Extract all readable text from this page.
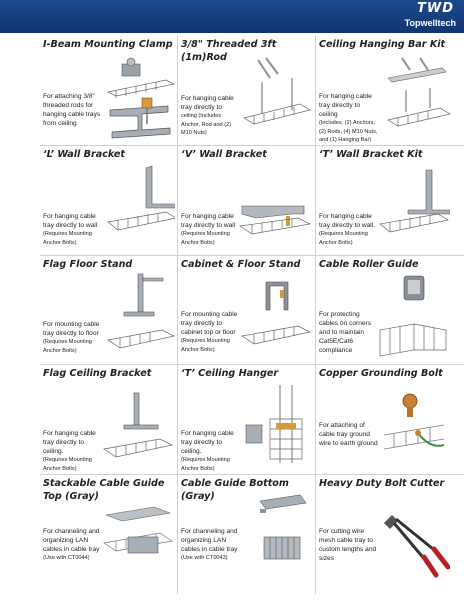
TWD
Topwelltech
I-Beam Mounting Clamp
For attaching 3/8" threaded rods for hanging cable trays from ceiling
3/8" Threaded 3ft (1m)Rod
For hanging cable tray directly to
ceiling (Includes Anchor, Rod and (2) M10 Nuts)
Ceiling Hanging Bar Kit
For hanging cable tray directly to ceiling
(Includes: (2) Anchors, (2) Rods, (4) M10 Nuts, and (1) Hanging Bar)
‘L’ Wall Bracket
For hanging cable tray directly to wall
(Requires Mounting Anchor Bolts)
‘V’ Wall Bracket
For hanging cable tray directly to wall
(Requires Mounting Anchor Bolts)
‘T’ Wall Bracket Kit
For hanging cable tray directly to wall.
(Requires Mounting Anchor Bolts)
Flag Floor Stand
For mounting cable tray directly to floor
(Requires Mounting Anchor Bolts)
Cabinet & Floor Stand
For mounting cable tray directly to cabinet top or floor
(Requires Mounting Anchor Bolts)
Cable Roller Guide
For protecting cables on corners and to maintain Cat5E/Cat6 compliance
Flag Ceiling Bracket
For hanging cable tray directly to ceiling.
(Requires Mounting Anchor Bolts)
‘T’ Ceiling Hanger
For hanging cable tray directly to ceiling.
(Requires Mounting Anchor Bolts)
Copper Grounding Bolt
For attaching of cable tray ground wire to earth ground
Stackable Cable Guide Top (Gray)
For channeling and organizing LAN cables in cable tray
(Use with CT0044)
Cable Guide Bottom (Gray)
For channeling and organizing LAN cables in cable tray
(Use with CT0043)
Heavy Duty Bolt Cutter
For cutting wire mesh cable tray to custom lengths and sizes
